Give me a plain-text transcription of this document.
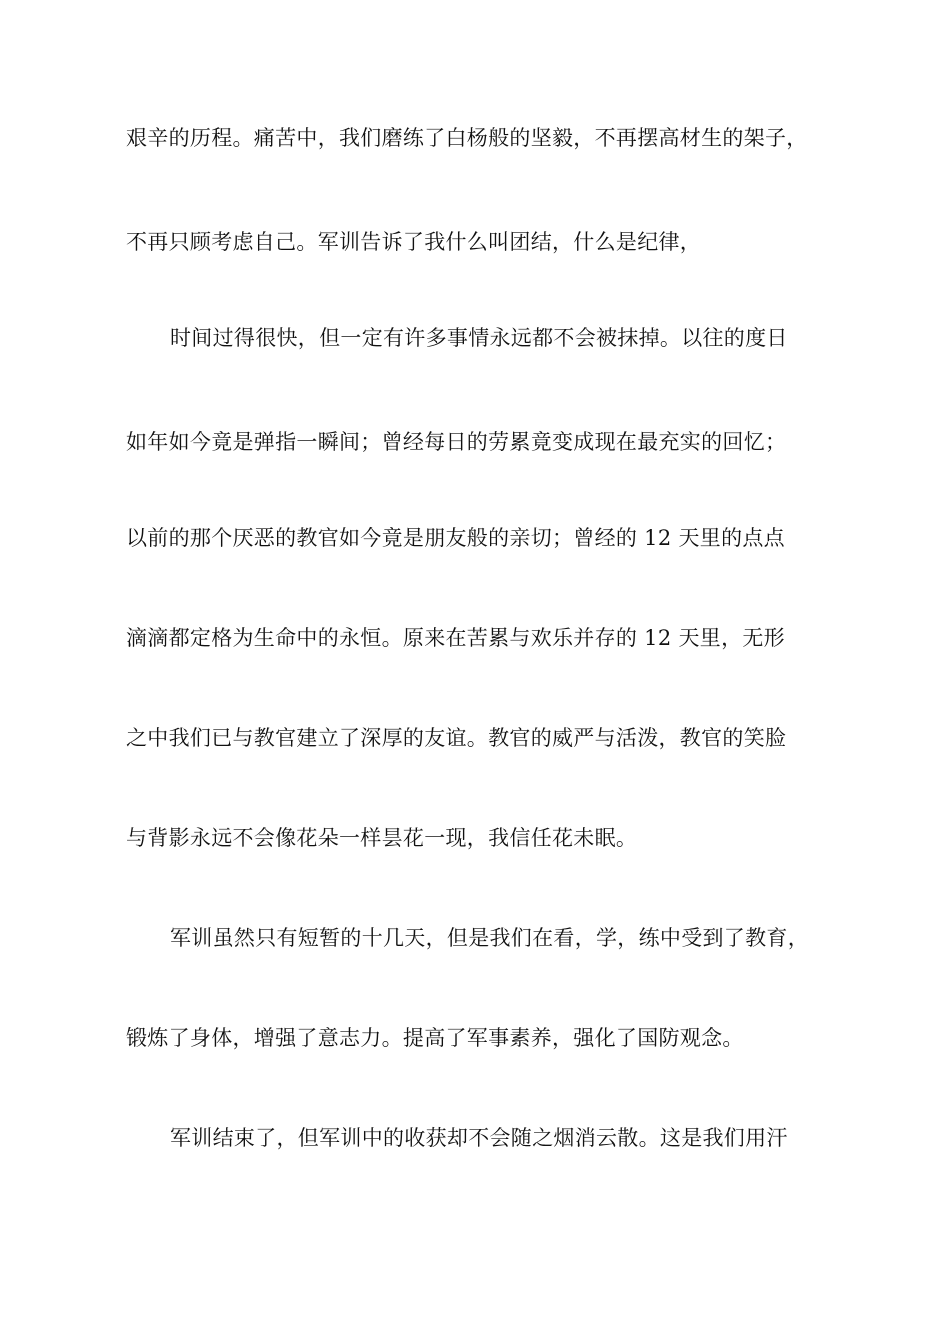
艰辛的历程。痛苦中，我们磨练了白杨般的坚毅，不再摆高材生的架子，

不再只顾考虑自己。军训告诉了我什么叫团结，什么是纪律，

时间过得很快，但一定有许多事情永远都不会被抹掉。以往的度日

如年如今竟是弹指一瞬间；曾经每日的劳累竟变成现在最充实的回忆；

以前的那个厌恶的教官如今竟是朋友般的亲切；曾经的 12 天里的点点

滴滴都定格为生命中的永恒。原来在苦累与欢乐并存的 12 天里，无形

之中我们已与教官建立了深厚的友谊。教官的威严与活泼，教官的笑脸

与背影永远不会像花朵一样昙花一现，我信任花未眠。

军训虽然只有短暂的十几天，但是我们在看，学，练中受到了教育，

锻炼了身体，增强了意志力。提高了军事素养，强化了国防观念。

军训结束了，但军训中的收获却不会随之烟消云散。这是我们用汗
